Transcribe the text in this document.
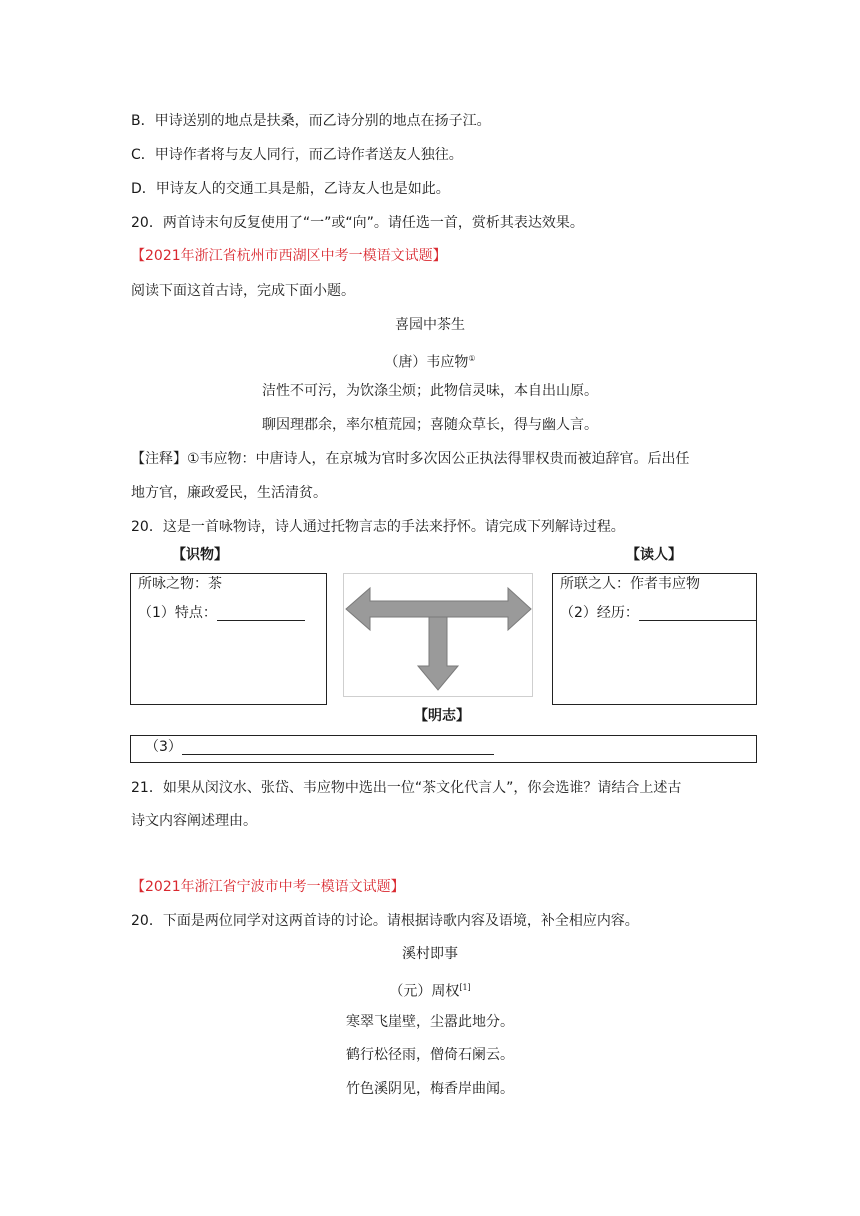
B．甲诗送别的地点是扶桑，而乙诗分别的地点在扬子江。
C．甲诗作者将与友人同行，而乙诗作者送友人独往。
D．甲诗友人的交通工具是船，乙诗友人也是如此。
20．两首诗末句反复使用了“一”或“向”。请任选一首，赏析其表达效果。
【2021年浙江省杭州市西湖区中考一模语文试题】
阅读下面这首古诗，完成下面小题。
喜园中茶生
（唐）韦应物①
洁性不可污，为饮涤尘烦；此物信灵味，本自出山原。
聊因理郡余，率尔植荒园；喜随众草长，得与幽人言。
【注释】①韦应物：中唐诗人，在京城为官时多次因公正执法得罪权贵而被迫辞官。后出任
地方官，廉政爱民，生活清贫。
20．这是一首咏物诗，诗人通过托物言志的手法来抒怀。请完成下列解诗过程。
【识物】	【读人】
所咏之物：茶
（1）特点：
所联之人：作者韦应物
（2）经历：
【明志】
（3）
21．如果从闵汶水、张岱、韦应物中选出一位“茶文化代言人”，你会选谁？请结合上述古
诗文内容阐述理由。
【2021年浙江省宁波市中考一模语文试题】
20．下面是两位同学对这两首诗的讨论。请根据诗歌内容及语境，补全相应内容。
溪村即事
（元）周权[1]
寒翠飞崖壁，尘嚣此地分。
鹤行松径雨，僧倚石阑云。
竹色溪阴见，梅香岸曲闻。
